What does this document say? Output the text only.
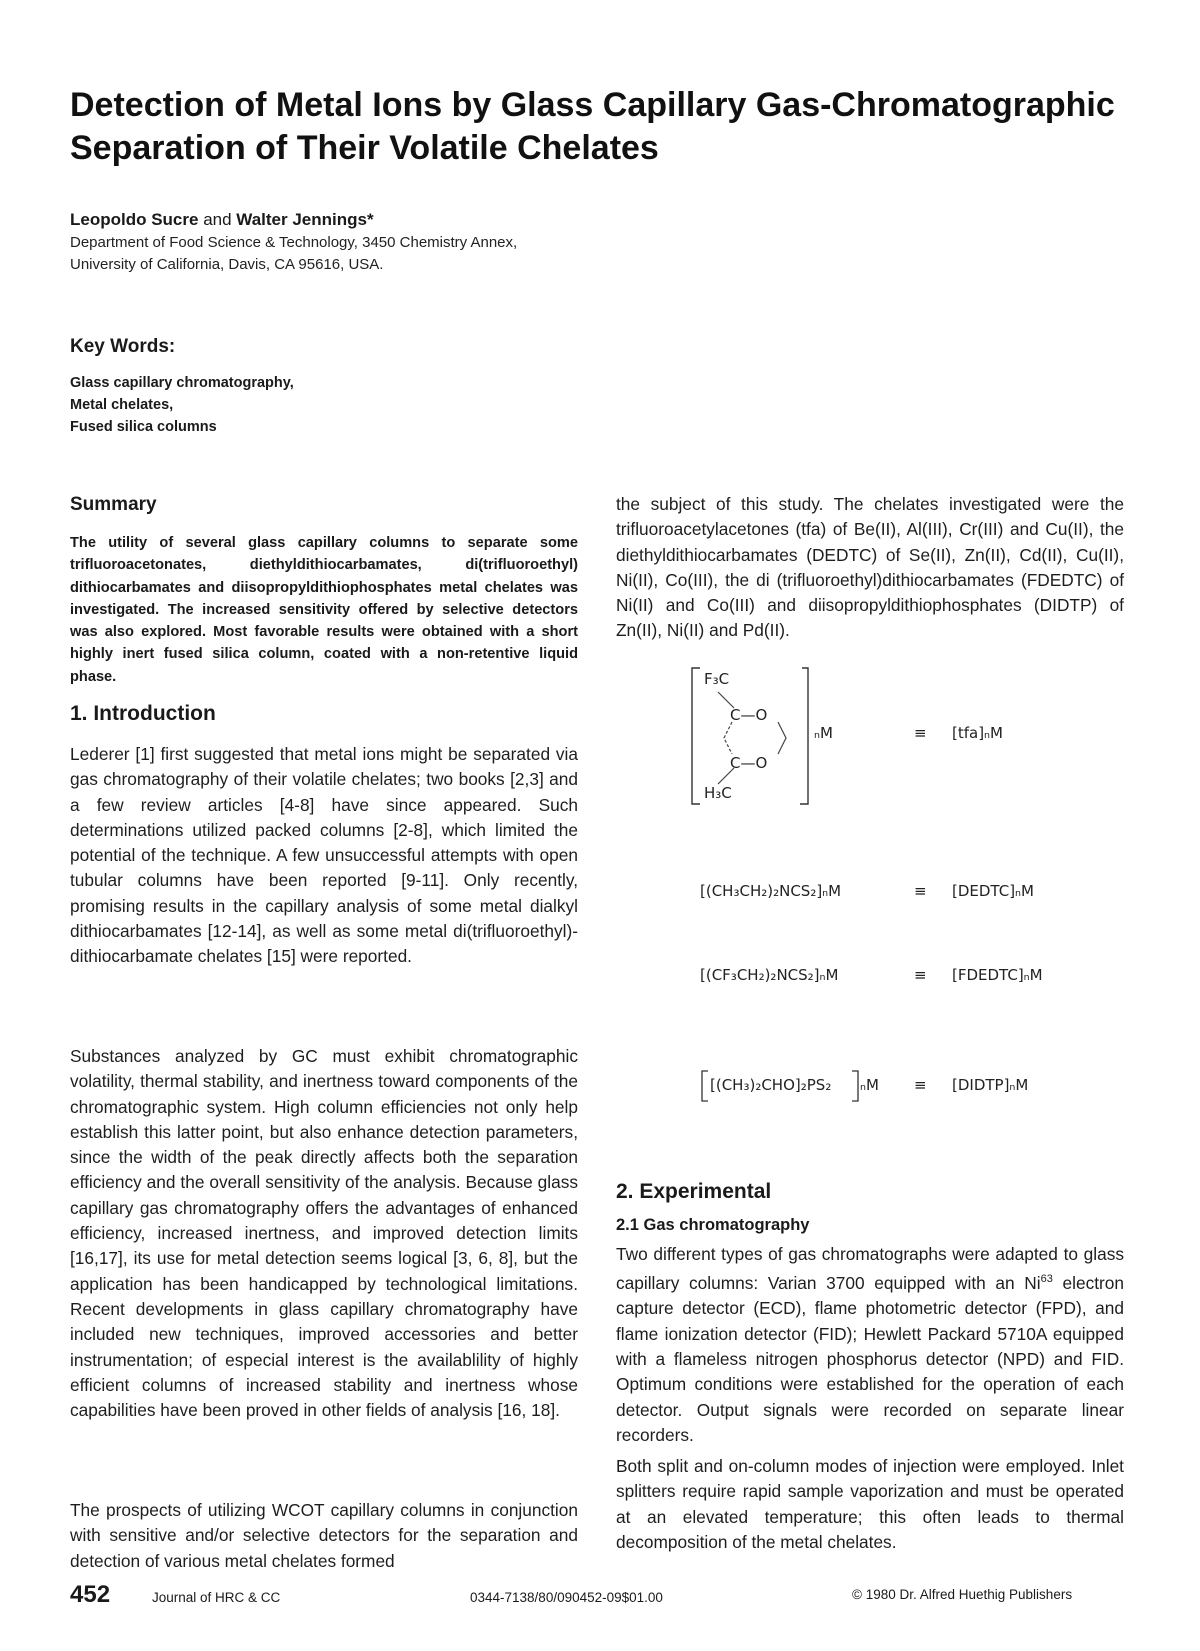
Detection of Metal Ions by Glass Capillary Gas-Chromatographic Separation of Their Volatile Chelates
Leopoldo Sucre and Walter Jennings*
Department of Food Science & Technology, 3450 Chemistry Annex,
University of California, Davis, CA 95616, USA.
Key Words:
Glass capillary chromatography,
Metal chelates,
Fused silica columns
Summary
The utility of several glass capillary columns to separate some trifluoroacetonates, diethyldithiocarbamates, di(trifluoroethyl) dithiocarbamates and diisopropyldithiophosphates metal chelates was investigated. The increased sensitivity offered by selective detectors was also explored. Most favorable results were obtained with a short highly inert fused silica column, coated with a non-retentive liquid phase.
1. Introduction
Lederer [1] first suggested that metal ions might be separated via gas chromatography of their volatile chelates; two books [2,3] and a few review articles [4-8] have since appeared. Such determinations utilized packed columns [2-8], which limited the potential of the technique. A few unsuccessful attempts with open tubular columns have been reported [9-11]. Only recently, promising results in the capillary analysis of some metal dialkyl dithiocarbamates [12-14], as well as some metal di(trifluoroethyl)-dithiocarbamate chelates [15] were reported.
Substances analyzed by GC must exhibit chromatographic volatility, thermal stability, and inertness toward components of the chromatographic system. High column efficiencies not only help establish this latter point, but also enhance detection parameters, since the width of the peak directly affects both the separation efficiency and the overall sensitivity of the analysis. Because glass capillary gas chromatography offers the advantages of enhanced efficiency, increased inertness, and improved detection limits [16,17], its use for metal detection seems logical [3, 6, 8], but the application has been handicapped by technological limitations. Recent developments in glass capillary chromatography have included new techniques, improved accessories and better instrumentation; of especial interest is the availablility of highly efficient columns of increased stability and inertness whose capabilities have been proved in other fields of analysis [16, 18].
The prospects of utilizing WCOT capillary columns in conjunction with sensitive and/or selective detectors for the separation and detection of various metal chelates formed
the subject of this study. The chelates investigated were the trifluoroacetylacetones (tfa) of Be(II), Al(III), Cr(III) and Cu(II), the diethyldithiocarbamates (DEDTC) of Se(II), Zn(II), Cd(II), Cu(II), Ni(II), Co(III), the di (trifluoroethyl)dithiocarbamates (FDEDTC) of Ni(II) and Co(III) and diisopropyldithiophosphates (DIDTP) of Zn(II), Ni(II) and Pd(II).
F₃C
C—O
C—O
H₃C
ₙM	≡ [tfa]ₙM
[(CH₃CH₂)₂NCS₂]ₙM	≡ [DEDTC]ₙM
[(CF₃CH₂)₂NCS₂]ₙM	≡ [FDEDTC]ₙM
[(CH₃)₂CHO]₂PS₂ ₙM ≡ [DIDTP]ₙM
2. Experimental
2.1 Gas chromatography
Two different types of gas chromatographs were adapted to glass capillary columns: Varian 3700 equipped with an Ni$^{63}$ electron capture detector (ECD), flame photometric detector (FPD), and flame ionization detector (FID); Hewlett Packard 5710A equipped with a flameless nitrogen phosphorus detector (NPD) and FID. Optimum conditions were established for the operation of each detector. Output signals were recorded on separate linear recorders.
Both split and on-column modes of injection were employed. Inlet splitters require rapid sample vaporization and must be operated at an elevated temperature; this often leads to thermal decomposition of the metal chelates.
452	Journal of HRC & CC	0344-7138/80/090452-09$01.00	© 1980 Dr. Alfred Huethig Publishers
